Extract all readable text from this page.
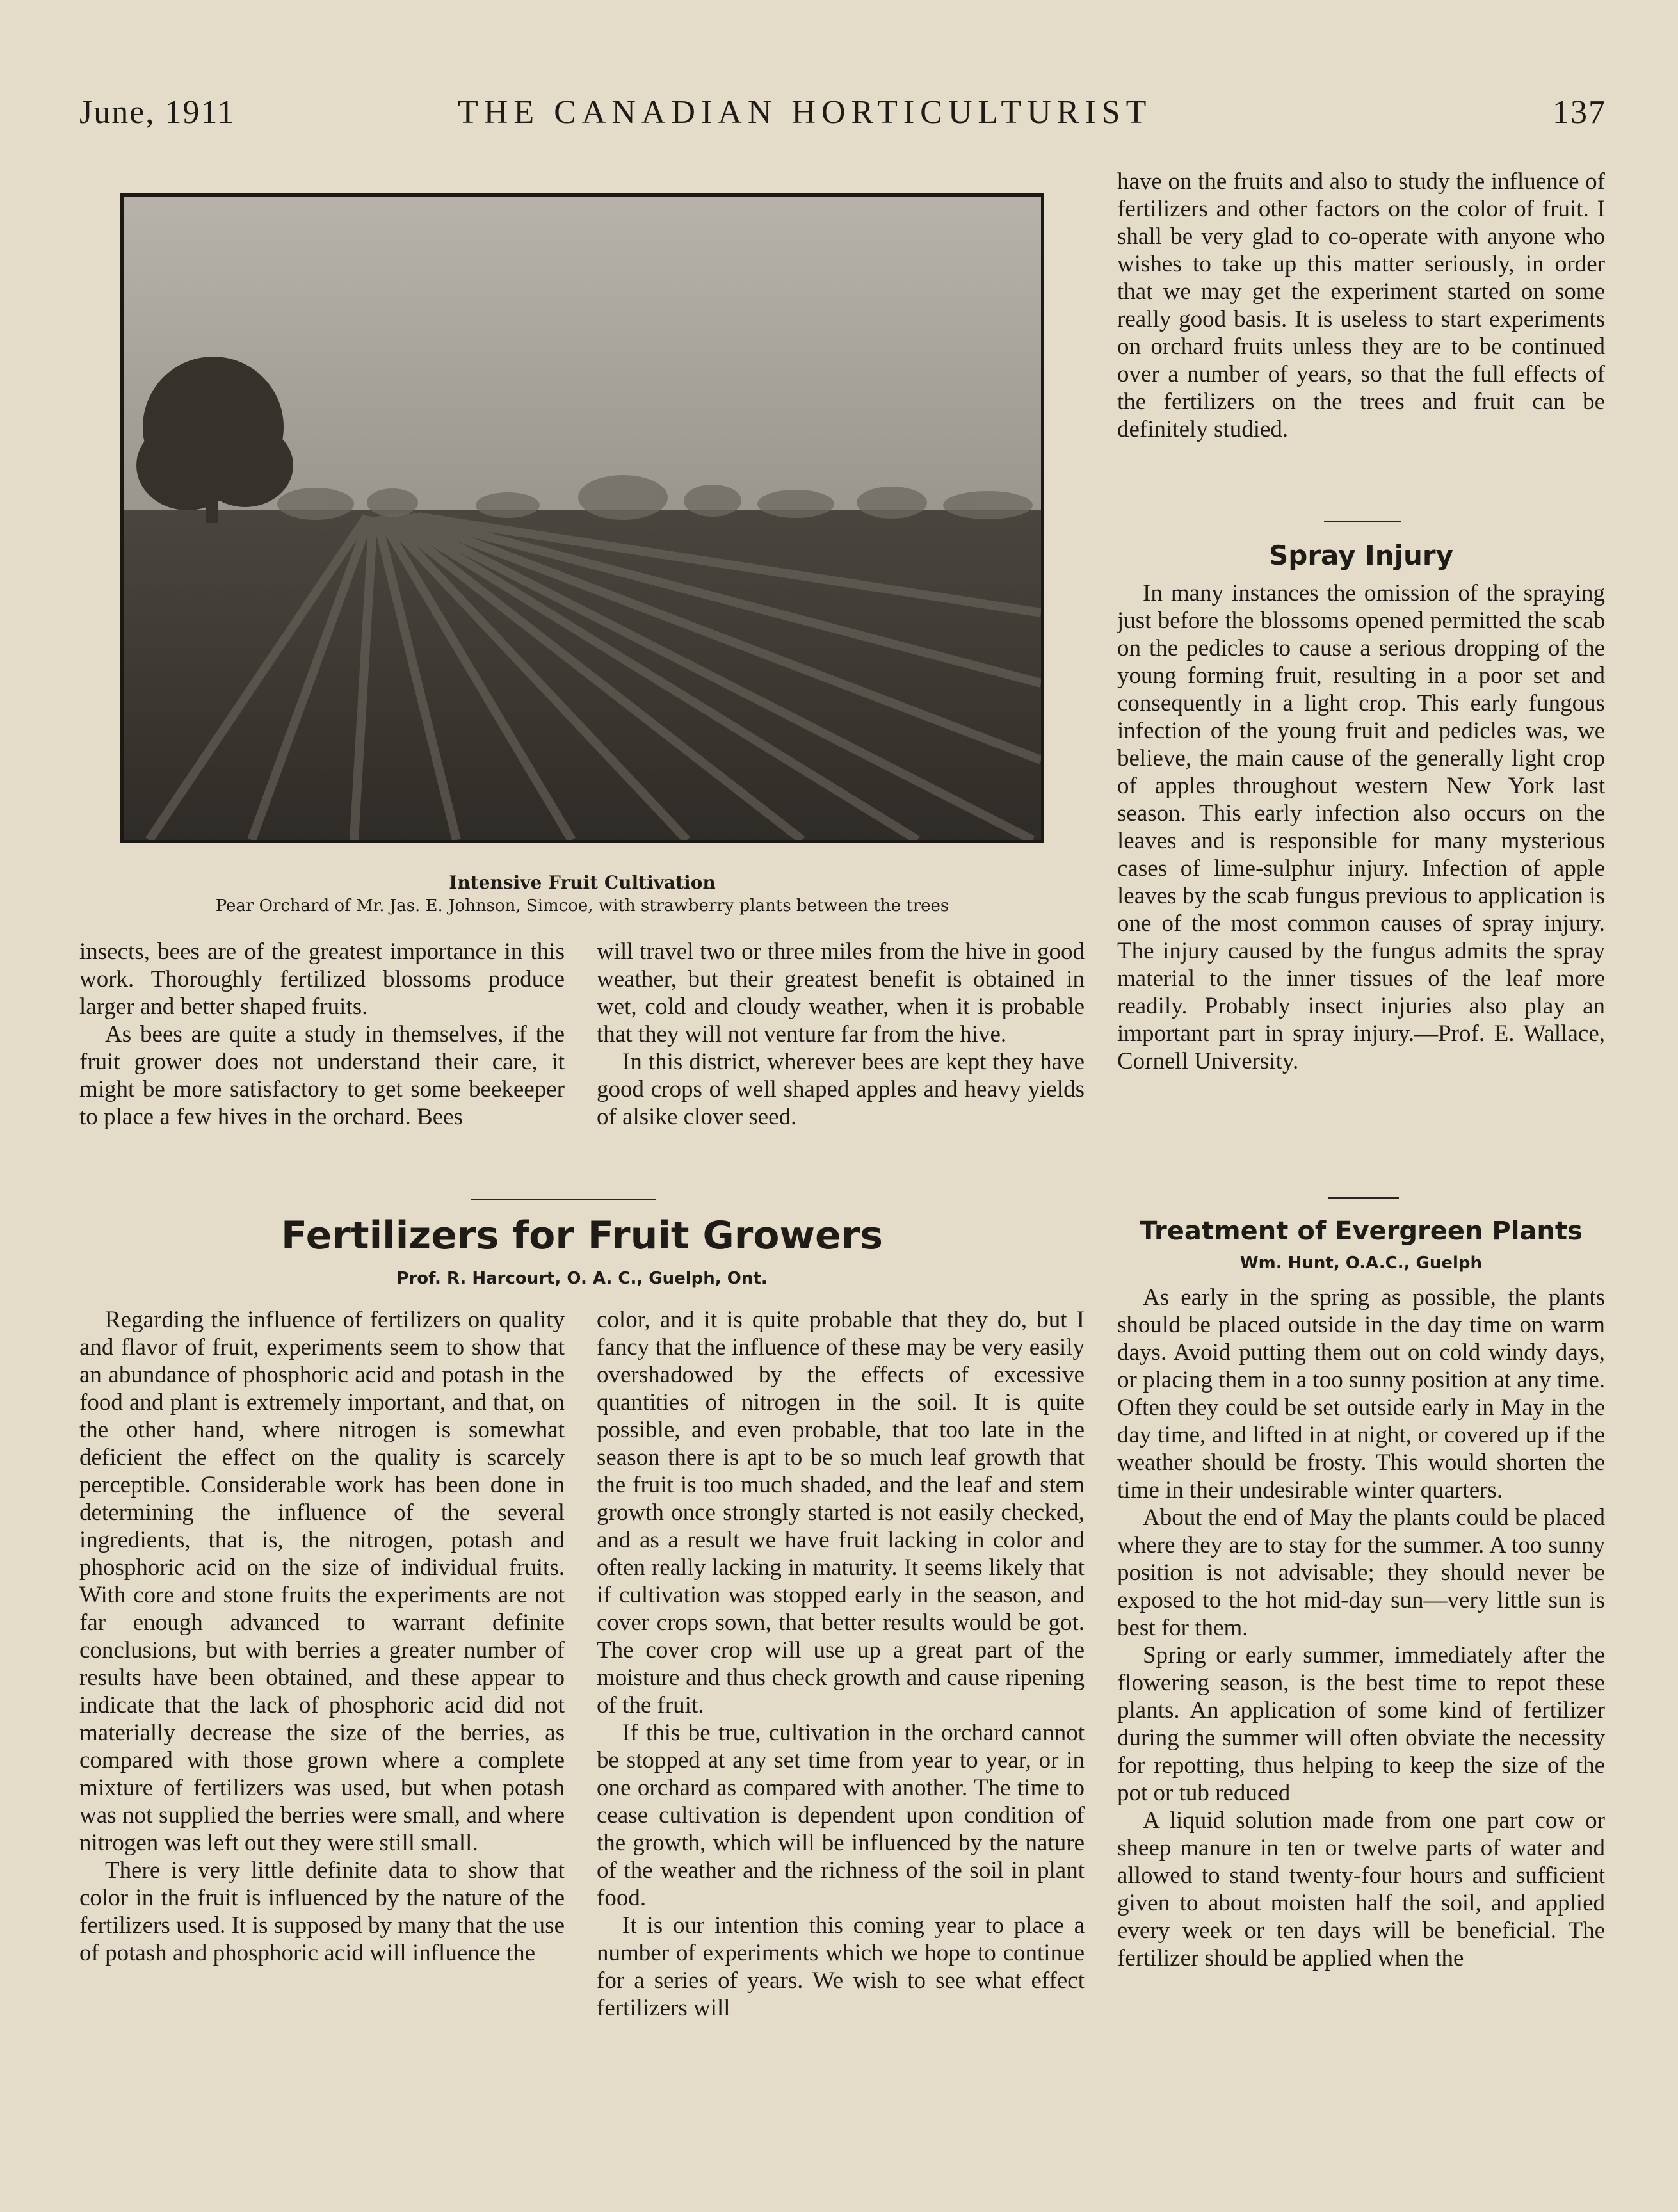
June, 1911	THE CANADIAN HORTICULTURIST	137
Intensive Fruit Cultivation
Pear Orchard of Mr. Jas. E. Johnson, Simcoe, with strawberry plants between the trees

insects, bees are of the greatest importance in this work. Thoroughly fertilized blossoms produce larger and better shaped fruits.

As bees are quite a study in themselves, if the fruit grower does not understand their care, it might be more satisfactory to get some beekeeper to place a few hives in the orchard. Bees

will travel two or three miles from the hive in good weather, but their greatest benefit is obtained in wet, cold and cloudy weather, when it is probable that they will not venture far from the hive.

In this district, wherever bees are kept they have good crops of well shaped apples and heavy yields of alsike clover seed.

have on the fruits and also to study the influence of fertilizers and other factors on the color of fruit. I shall be very glad to co-operate with anyone who wishes to take up this matter seriously, in order that we may get the experiment started on some really good basis. It is useless to start experiments on orchard fruits unless they are to be continued over a number of years, so that the full effects of the fertilizers on the trees and fruit can be definitely studied.

Spray Injury

In many instances the omission of the spraying just before the blossoms opened permitted the scab on the pedicles to cause a serious dropping of the young forming fruit, resulting in a poor set and consequently in a light crop. This early fungous infection of the young fruit and pedicles was, we believe, the main cause of the generally light crop of apples throughout western New York last season. This early infection also occurs on the leaves and is responsible for many mysterious cases of lime-sulphur injury. Infection of apple leaves by the scab fungus previous to application is one of the most common causes of spray injury. The injury caused by the fungus admits the spray material to the inner tissues of the leaf more readily. Probably insect injuries also play an important part in spray injury.—Prof. E. Wallace, Cornell University.

Fertilizers for Fruit Growers
Prof. R. Harcourt, O. A. C., Guelph, Ont.

Regarding the influence of fertilizers on quality and flavor of fruit, experiments seem to show that an abundance of phosphoric acid and potash in the food and plant is extremely important, and that, on the other hand, where nitrogen is somewhat deficient the effect on the quality is scarcely perceptible. Considerable work has been done in determining the influence of the several ingredients, that is, the nitrogen, potash and phosphoric acid on the size of individual fruits. With core and stone fruits the experiments are not far enough advanced to warrant definite conclusions, but with berries a greater number of results have been obtained, and these appear to indicate that the lack of phosphoric acid did not materially decrease the size of the berries, as compared with those grown where a complete mixture of fertilizers was used, but when potash was not supplied the berries were small, and where nitrogen was left out they were still small.

There is very little definite data to show that color in the fruit is influenced by the nature of the fertilizers used. It is supposed by many that the use of potash and phosphoric acid will influence the

color, and it is quite probable that they do, but I fancy that the influence of these may be very easily overshadowed by the effects of excessive quantities of nitrogen in the soil. It is quite possible, and even probable, that too late in the season there is apt to be so much leaf growth that the fruit is too much shaded, and the leaf and stem growth once strongly started is not easily checked, and as a result we have fruit lacking in color and often really lacking in maturity. It seems likely that if cultivation was stopped early in the season, and cover crops sown, that better results would be got. The cover crop will use up a great part of the moisture and thus check growth and cause ripening of the fruit.

If this be true, cultivation in the orchard cannot be stopped at any set time from year to year, or in one orchard as compared with another. The time to cease cultivation is dependent upon condition of the growth, which will be influenced by the nature of the weather and the richness of the soil in plant food.

It is our intention this coming year to place a number of experiments which we hope to continue for a series of years. We wish to see what effect fertilizers will

Treatment of Evergreen Plants
Wm. Hunt, O.A.C., Guelph

As early in the spring as possible, the plants should be placed outside in the day time on warm days. Avoid putting them out on cold windy days, or placing them in a too sunny position at any time. Often they could be set outside early in May in the day time, and lifted in at night, or covered up if the weather should be frosty. This would shorten the time in their undesirable winter quarters.

About the end of May the plants could be placed where they are to stay for the summer. A too sunny position is not advisable; they should never be exposed to the hot mid-day sun—very little sun is best for them.

Spring or early summer, immediately after the flowering season, is the best time to repot these plants. An application of some kind of fertilizer during the summer will often obviate the necessity for repotting, thus helping to keep the size of the pot or tub reduced

A liquid solution made from one part cow or sheep manure in ten or twelve parts of water and allowed to stand twenty-four hours and sufficient given to about moisten half the soil, and applied every week or ten days will be beneficial. The fertilizer should be applied when the
